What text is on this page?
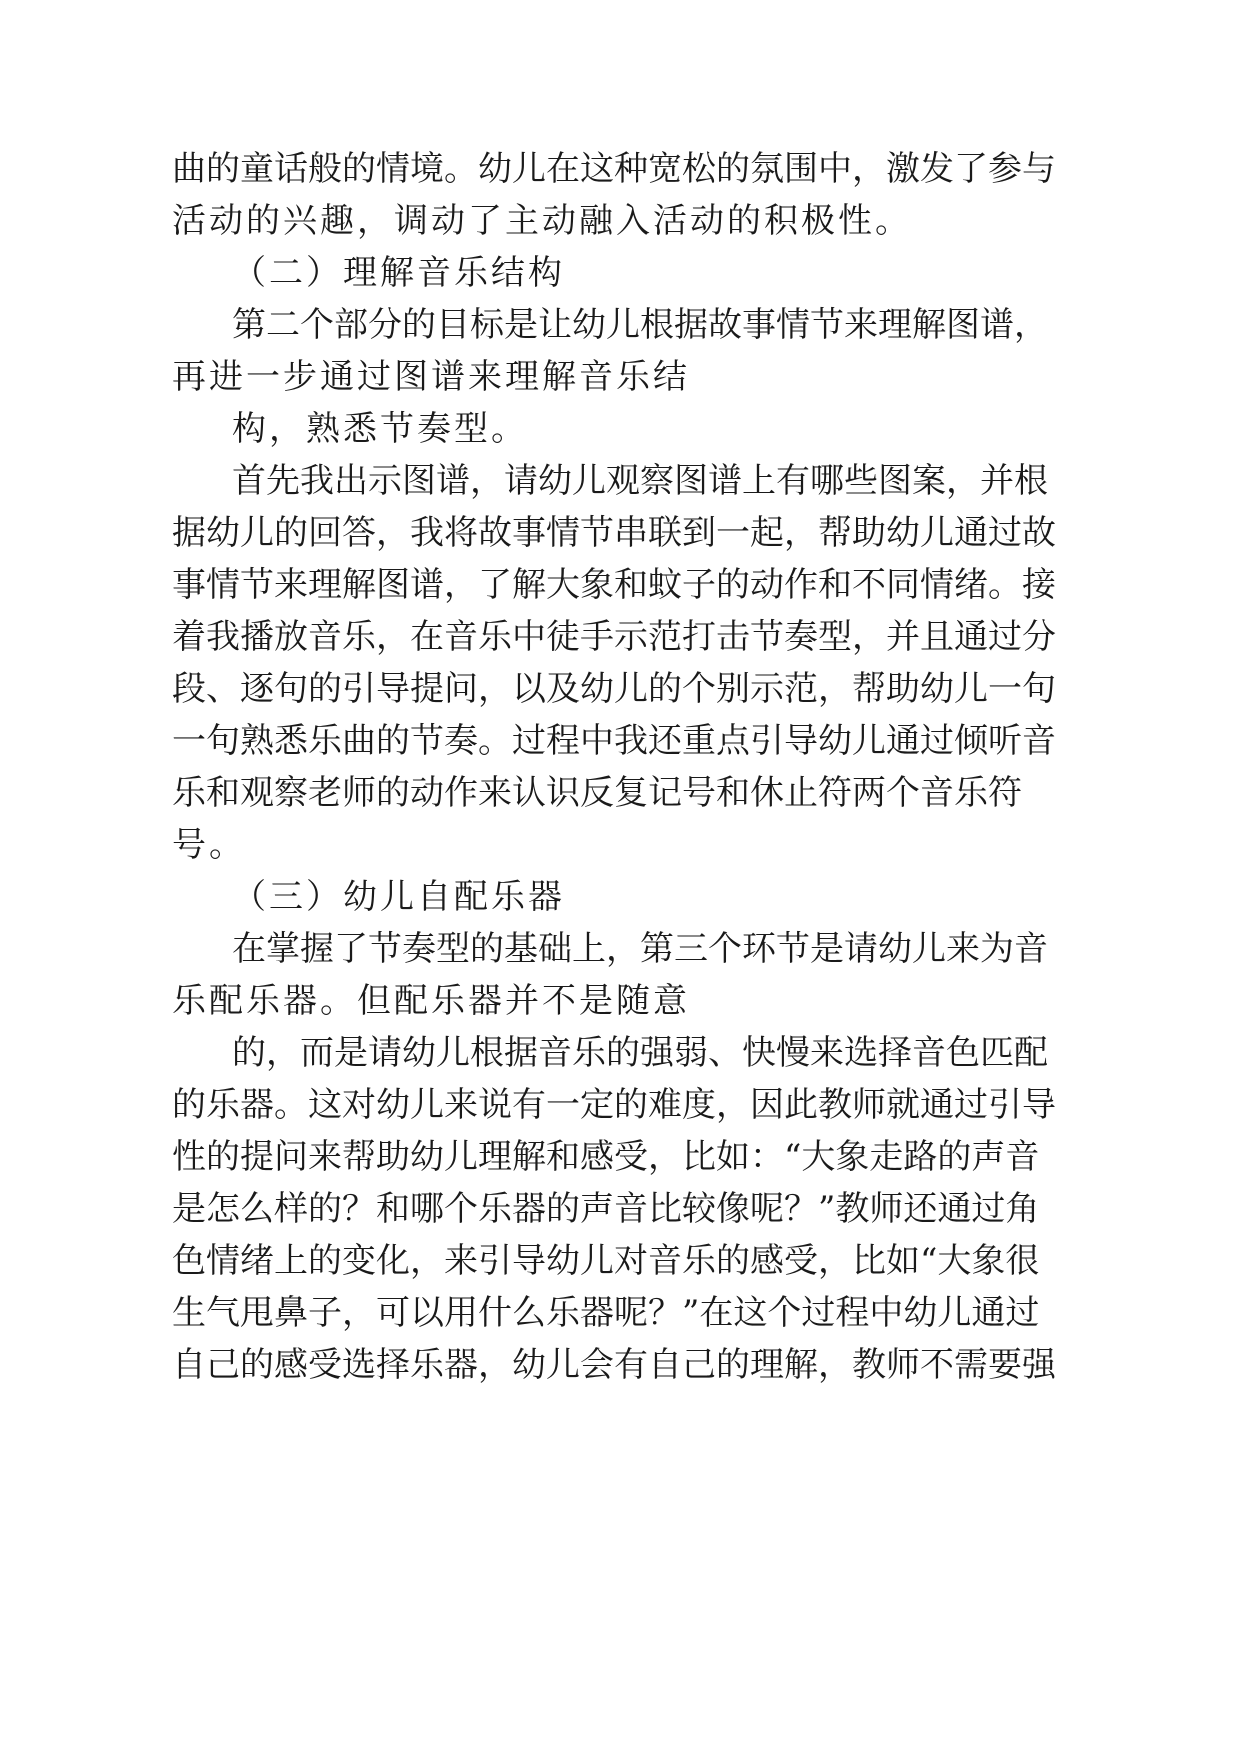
曲的童话般的情境。幼儿在这种宽松的氛围中，激发了参与
活动的兴趣，调动了主动融入活动的积极性。
（二）理解音乐结构
第二个部分的目标是让幼儿根据故事情节来理解图谱，
再进一步通过图谱来理解音乐结
构，熟悉节奏型。
首先我出示图谱，请幼儿观察图谱上有哪些图案，并根
据幼儿的回答，我将故事情节串联到一起，帮助幼儿通过故
事情节来理解图谱，了解大象和蚊子的动作和不同情绪。接
着我播放音乐，在音乐中徒手示范打击节奏型，并且通过分
段、逐句的引导提问，以及幼儿的个别示范，帮助幼儿一句
一句熟悉乐曲的节奏。过程中我还重点引导幼儿通过倾听音
乐和观察老师的动作来认识反复记号和休止符两个音乐符
号。
（三）幼儿自配乐器
在掌握了节奏型的基础上，第三个环节是请幼儿来为音
乐配乐器。但配乐器并不是随意
的，而是请幼儿根据音乐的强弱、快慢来选择音色匹配
的乐器。这对幼儿来说有一定的难度，因此教师就通过引导
性的提问来帮助幼儿理解和感受，比如：“大象走路的声音
是怎么样的？和哪个乐器的声音比较像呢？”教师还通过角
色情绪上的变化，来引导幼儿对音乐的感受，比如“大象很
生气甩鼻子，可以用什么乐器呢？”在这个过程中幼儿通过
自己的感受选择乐器，幼儿会有自己的理解，教师不需要强
